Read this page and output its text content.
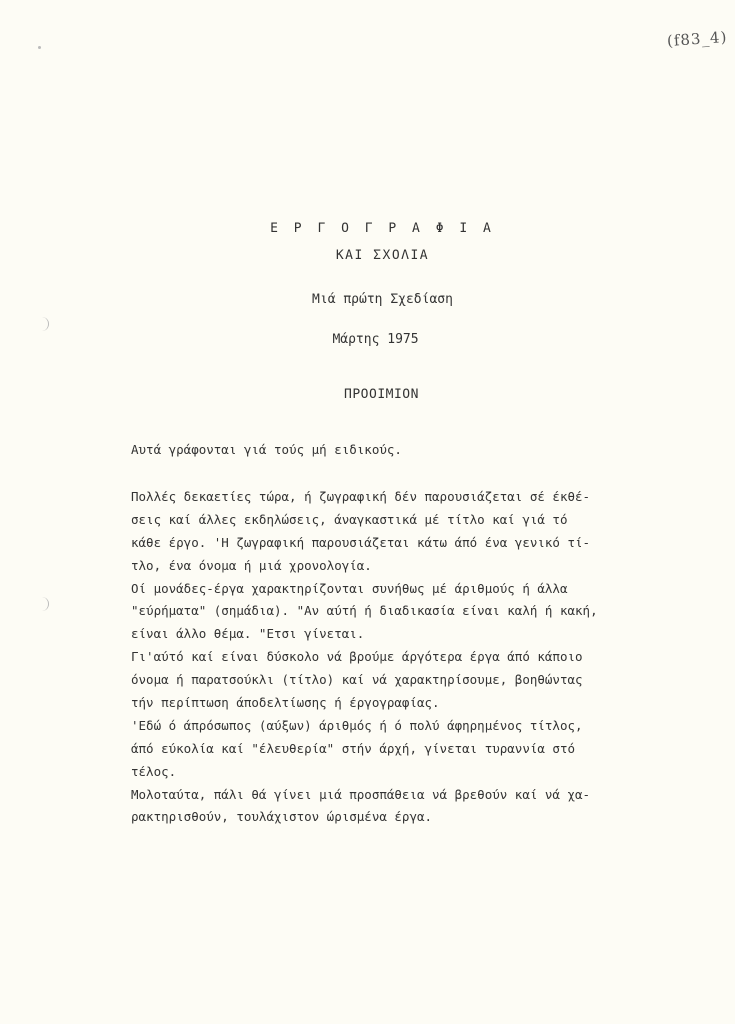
(f83_4)
Ε Ρ Γ Ο Γ Ρ Α Φ Ι Α
ΚΑΙ ΣΧΟΛΙΑ
Μιά πρώτη Σχεδίαση
Μάρτης 1975
ΠΡΟΟΙΜΙΟΝ
Αυτά γράφονται γιά τούς μή ειδικούς.
Πολλές δεκαετίες τώρα, ή ζωγραφική δέν παρουσιάζεται σέ έκθέ-
σεις καί άλλες εκδηλώσεις, άναγκαστικά μέ τίτλο καί γιά τό
κάθε έργο. 'Η ζωγραφική παρουσιάζεται κάτω άπό ένα γενικό τί-
τλο, ένα όνομα ή μιά χρονολογία.
Οί μονάδες-έργα χαρακτηρίζονται συνήθως μέ άριθμούς ή άλλα
"εύρήματα" (σημάδια). "Αν αύτή ή διαδικασία είναι καλή ή κακή,
είναι άλλο θέμα. "Ετσι γίνεται.
Γι'αύτό καί είναι δύσκολο νά βρούμε άργότερα έργα άπό κάποιο
όνομα ή παρατσούκλι (τίτλο) καί νά χαρακτηρίσουμε, βοηθώντας
τήν περίπτωση άποδελτίωσης ή έργογραφίας.
'Εδώ ό άπρόσωπος (αύξων) άριθμός ή ό πολύ άφηρημένος τίτλος,
άπό εύκολία καί "έλευθερία" στήν άρχή, γίνεται τυραννία στό
τέλος.
Μολοταύτα, πάλι θά γίνει μιά προσπάθεια νά βρεθούν καί νά χα-
ρακτηρισθούν, τουλάχιστον ώρισμένα έργα.
